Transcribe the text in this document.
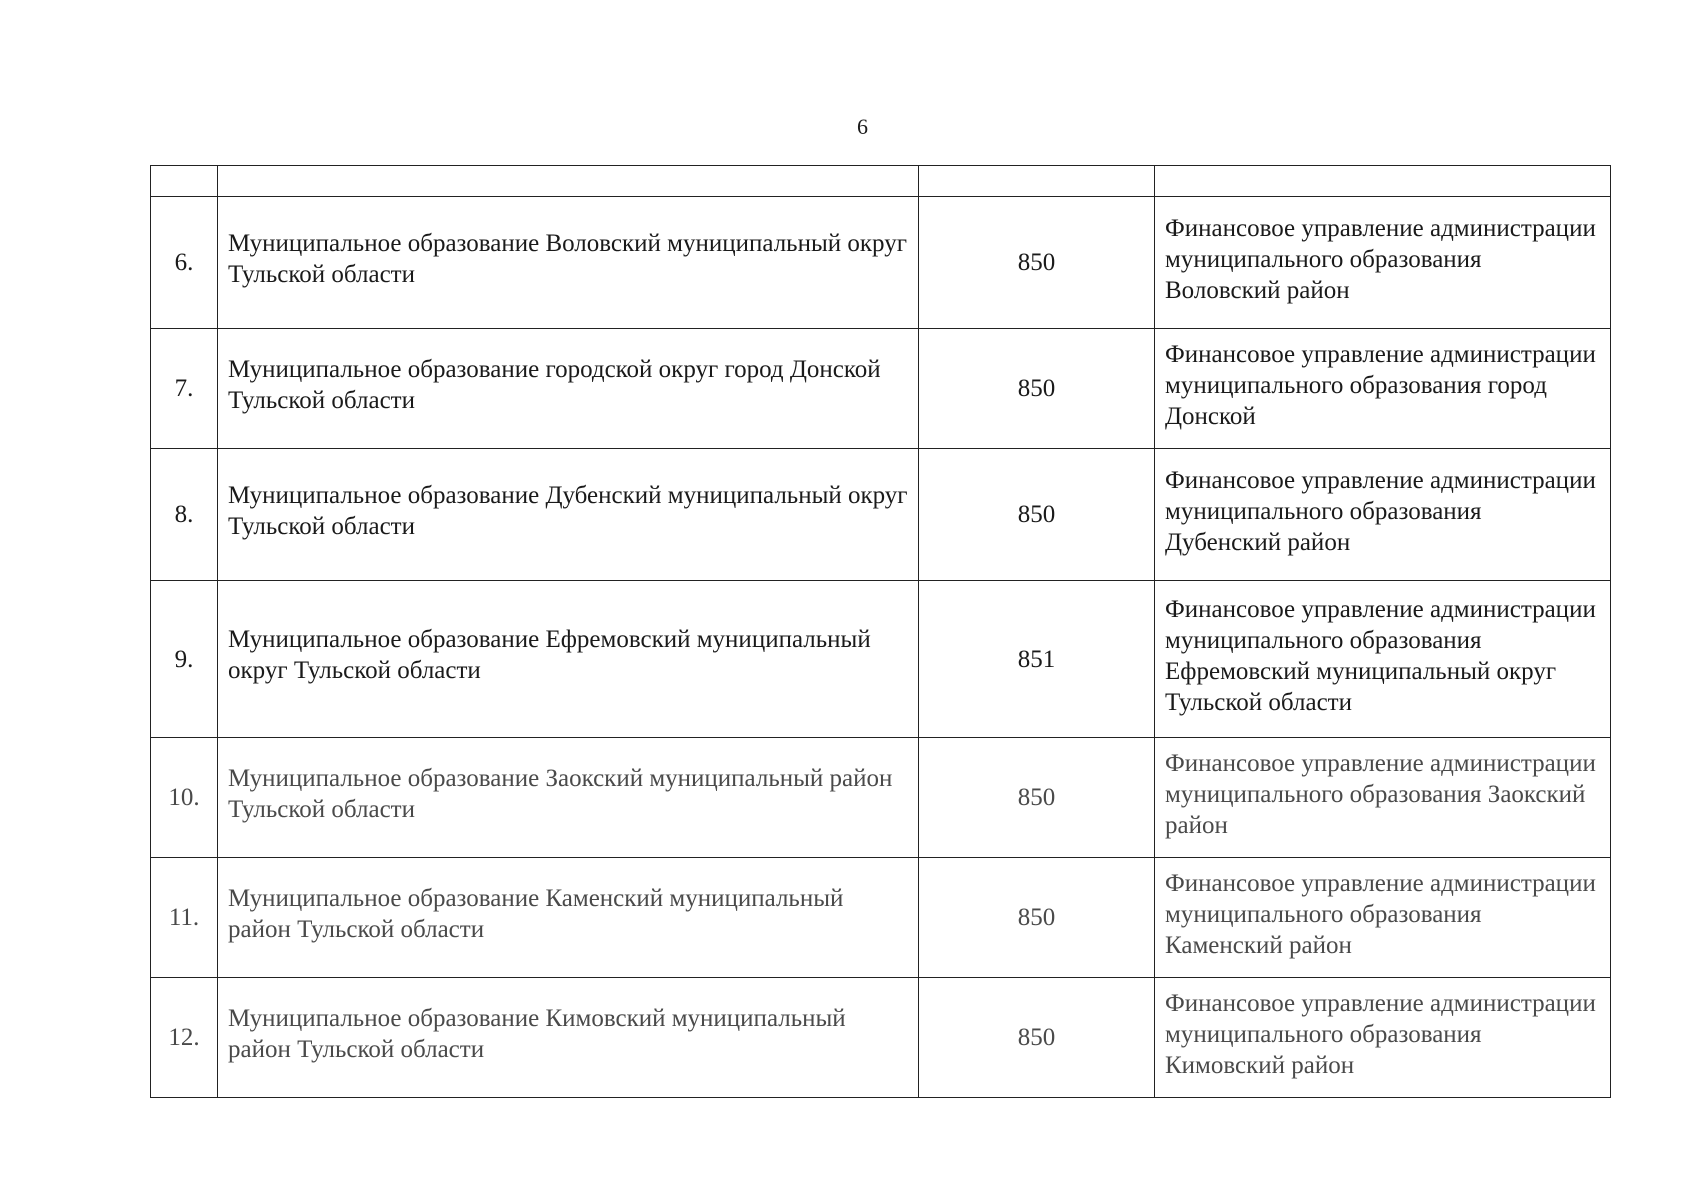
6

6.	Муниципальное образование Воловский муниципальный округ Тульской области	850	Финансовое управление администрации муниципального образования Воловский район
7.	Муниципальное образование городской округ город Донской Тульской области	850	Финансовое управление администрации муниципального образования город Донской
8.	Муниципальное образование Дубенский муниципальный округ Тульской области	850	Финансовое управление администрации муниципального образования Дубенский район
9.	Муниципальное образование Ефремовский муниципальный округ Тульской области	851	Финансовое управление администрации муниципального образования Ефремовский муниципальный округ Тульской области
10.	Муниципальное образование Заокский муниципальный район Тульской области	850	Финансовое управление администрации муниципального образования Заокский район
11.	Муниципальное образование Каменский муниципальный район Тульской области	850	Финансовое управление администрации муниципального образования Каменский район
12.	Муниципальное образование Кимовский муниципальный район Тульской области	850	Финансовое управление администрации муниципального образования Кимовский район
